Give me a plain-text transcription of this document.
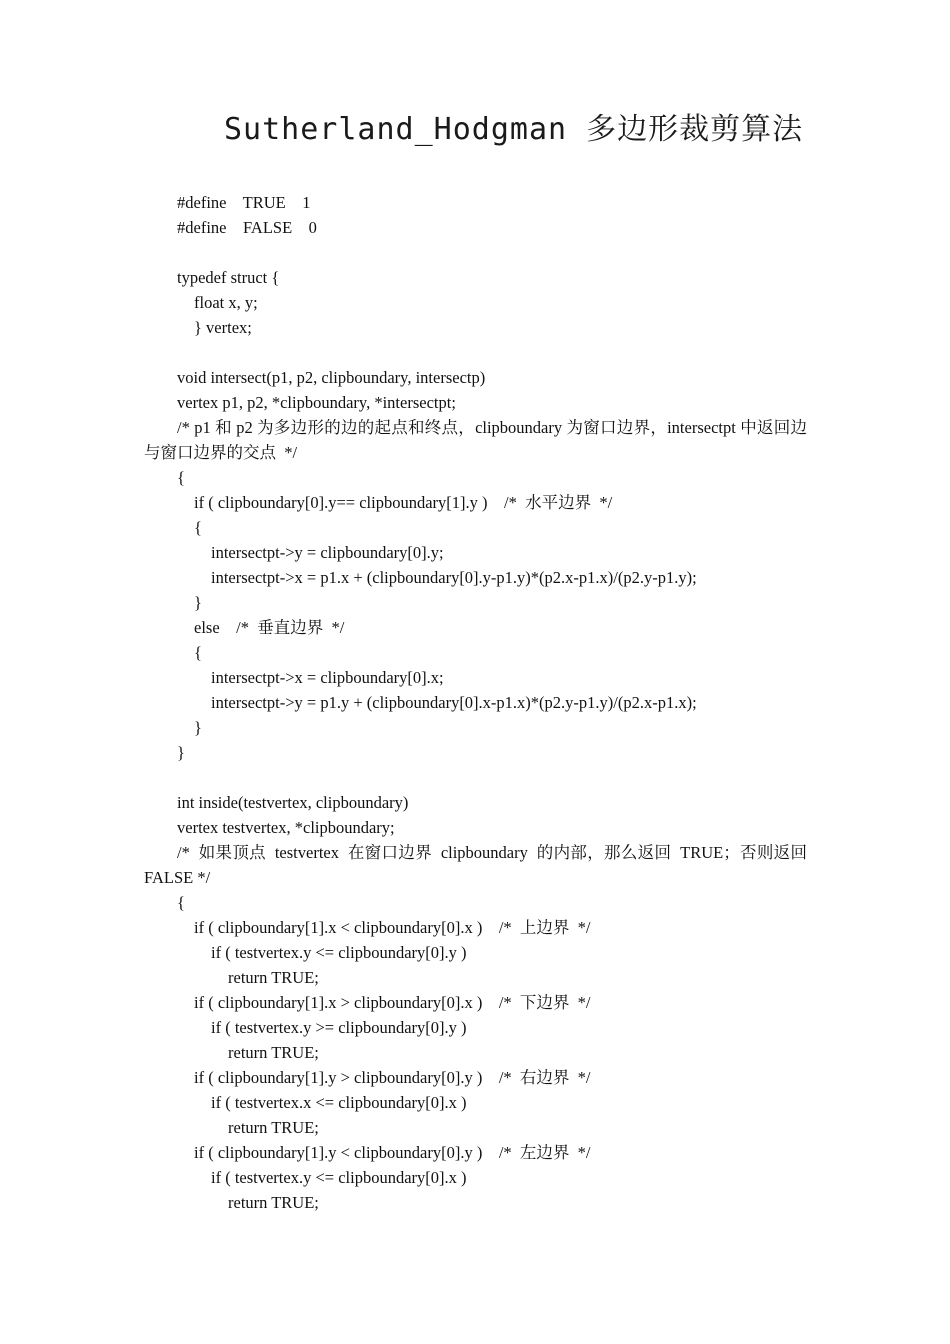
Sutherland_Hodgman 多边形裁剪算法
#define    TRUE    1
#define    FALSE    0
typedef struct {
float x, y;
} vertex;
void intersect(p1, p2, clipboundary, intersectp)
vertex p1, p2, *clipboundary, *intersectpt;
/* p1 和 p2 为多边形的边的起点和终点，clipboundary 为窗口边界，intersectpt 中返回边
与窗口边界的交点  */
{
if ( clipboundary[0].y== clipboundary[1].y )    /*  水平边界  */
{
intersectpt->y = clipboundary[0].y;
intersectpt->x = p1.x + (clipboundary[0].y-p1.y)*(p2.x-p1.x)/(p2.y-p1.y);
}
else    /*  垂直边界  */
{
intersectpt->x = clipboundary[0].x;
intersectpt->y = p1.y + (clipboundary[0].x-p1.x)*(p2.y-p1.y)/(p2.x-p1.x);
}
}
int inside(testvertex, clipboundary)
vertex testvertex, *clipboundary;
/*  如果顶点  testvertex  在窗口边界  clipboundary  的内部，那么返回  TRUE；否则返回
FALSE */
{
if ( clipboundary[1].x < clipboundary[0].x )    /*  上边界  */
if ( testvertex.y <= clipboundary[0].y )
return TRUE;
if ( clipboundary[1].x > clipboundary[0].x )    /*  下边界  */
if ( testvertex.y >= clipboundary[0].y )
return TRUE;
if ( clipboundary[1].y > clipboundary[0].y )    /*  右边界  */
if ( testvertex.x <= clipboundary[0].x )
return TRUE;
if ( clipboundary[1].y < clipboundary[0].y )    /*  左边界  */
if ( testvertex.y <= clipboundary[0].x )
return TRUE;
